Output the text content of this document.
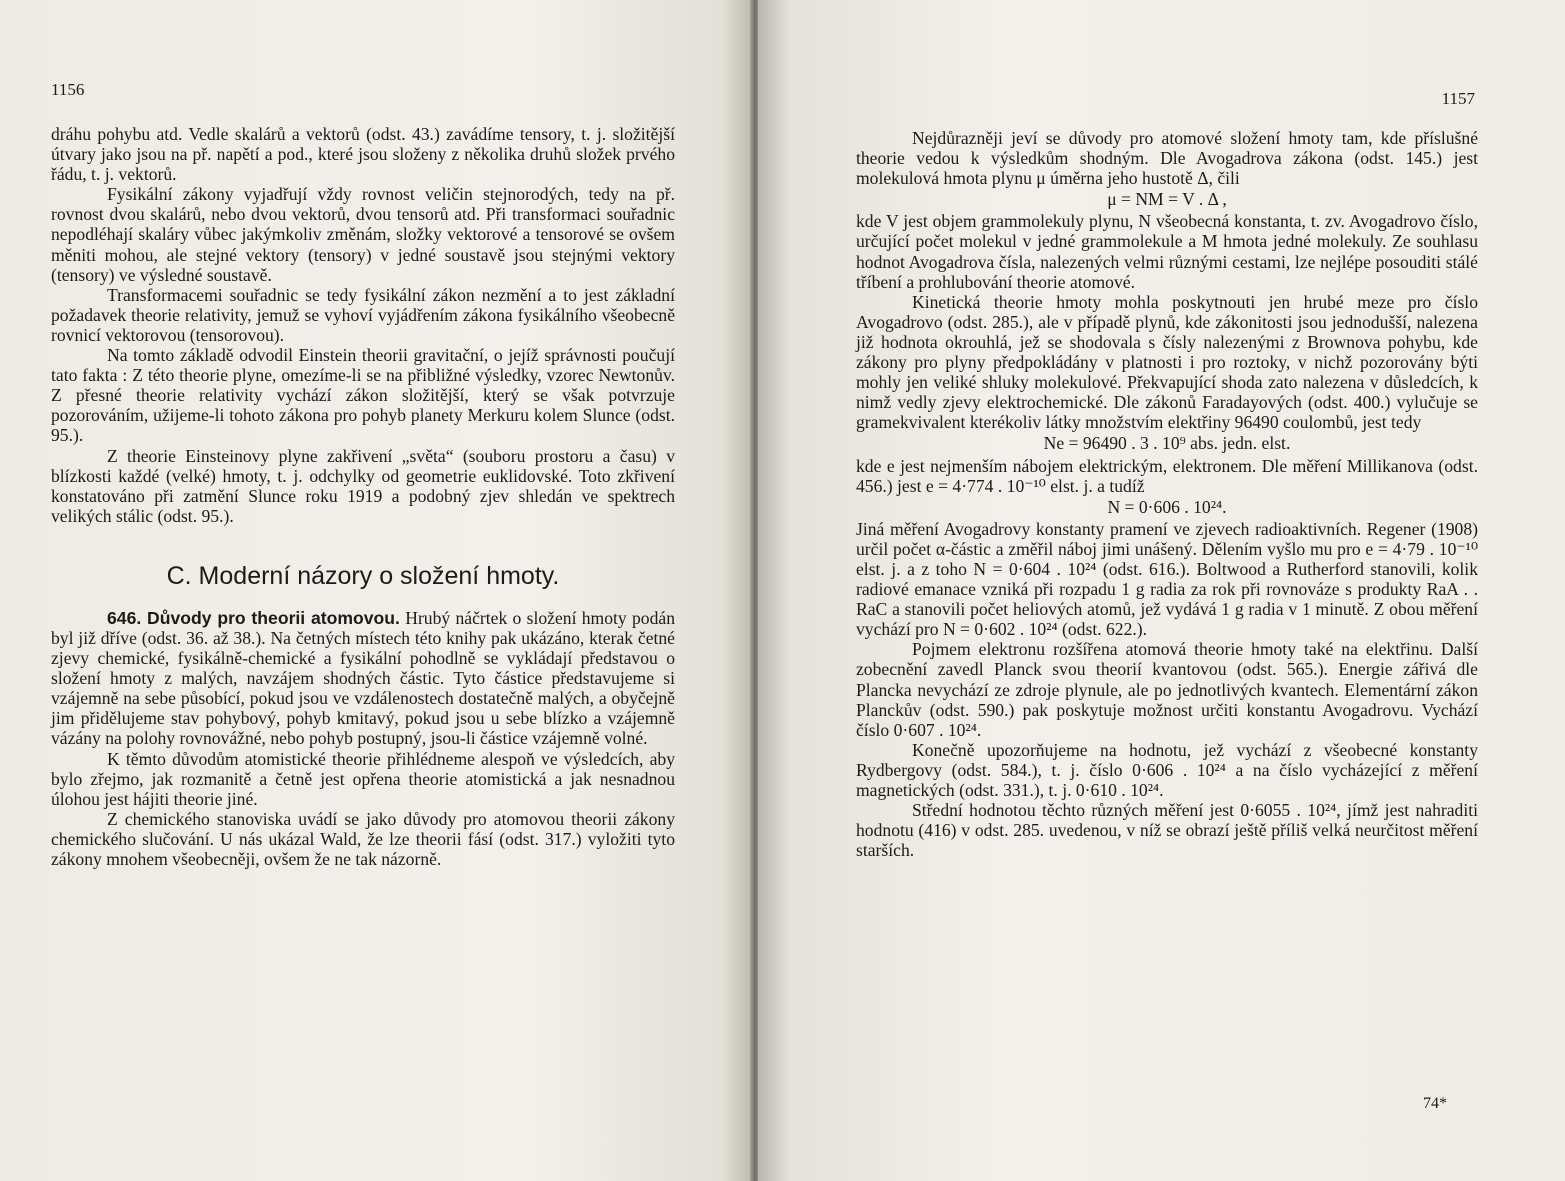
1156

dráhu pohybu atd. Vedle skalárů a vektorů (odst. 43.) zavádíme tensory, t. j. složitější útvary jako jsou na př. napětí a pod., které jsou složeny z několika druhů složek prvého řádu, t. j. vektorů.

Fysikální zákony vyjadřují vždy rovnost veličin stejnorodých, tedy na př. rovnost dvou skalárů, nebo dvou vektorů, dvou tensorů atd. Při transformaci souřadnic nepodléhají skaláry vůbec jakýmkoliv změnám, složky vektorové a tensorové se ovšem měniti mohou, ale stejné vektory (tensory) v jedné soustavě jsou stejnými vektory (tensory) ve výsledné soustavě.

Transformacemi souřadnic se tedy fysikální zákon nezmění a to jest základní požadavek theorie relativity, jemuž se vyhoví vyjádřením zákona fysikálního všeobecně rovnicí vektorovou (tensorovou).

Na tomto základě odvodil Einstein theorii gravitační, o jejíž správnosti poučují tato fakta : Z této theorie plyne, omezíme-li se na přibližné výsledky, vzorec Newtonův. Z přesné theorie relativity vychází zákon složitější, který se však potvrzuje pozorováním, užijeme-li tohoto zákona pro pohyb planety Merkuru kolem Slunce (odst. 95.).

Z theorie Einsteinovy plyne zakřivení „světa“ (souboru prostoru a času) v blízkosti každé (velké) hmoty, t. j. odchylky od geometrie euklidovské. Toto zkřivení konstatováno při zatmění Slunce roku 1919 a podobný zjev shledán ve spektrech velikých stálic (odst. 95.).

C. Moderní názory o složení hmoty.

646. Důvody pro theorii atomovou. Hrubý náčrtek o složení hmoty podán byl již dříve (odst. 36. až 38.). Na četných místech této knihy pak ukázáno, kterak četné zjevy chemické, fysikálně-chemické a fysikální pohodlně se vykládají představou o složení hmoty z malých, navzájem shodných částic. Tyto částice představujeme si vzájemně na sebe působící, pokud jsou ve vzdálenostech dostatečně malých, a obyčejně jim přidělujeme stav pohybový, pohyb kmitavý, pokud jsou u sebe blízko a vzájemně vázány na polohy rovnovážné, nebo pohyb postupný, jsou-li částice vzájemně volné.

K těmto důvodům atomistické theorie přihlédneme alespoň ve výsledcích, aby bylo zřejmo, jak rozmanitě a četně jest opřena theorie atomistická a jak nesnadnou úlohou jest hájiti theorie jiné.

Z chemického stanoviska uvádí se jako důvody pro atomovou theorii zákony chemického slučování. U nás ukázal Wald, že lze theorii fásí (odst. 317.) vyložiti tyto zákony mnohem všeobecněji, ovšem že ne tak názorně.

1157

Nejdůrazněji jeví se důvody pro atomové složení hmoty tam, kde příslušné theorie vedou k výsledkům shodným. Dle Avogadrova zákona (odst. 145.) jest molekulová hmota plynu μ úměrna jeho hustotě Δ, čili

μ = NM = V . Δ ,

kde V jest objem grammolekuly plynu, N všeobecná konstanta, t. zv. Avogadrovo číslo, určující počet molekul v jedné grammolekule a M hmota jedné molekuly. Ze souhlasu hodnot Avogadrova čísla, nalezených velmi různými cestami, lze nejlépe posouditi stálé tříbení a prohlubování theorie atomové.

Kinetická theorie hmoty mohla poskytnouti jen hrubé meze pro číslo Avogadrovo (odst. 285.), ale v případě plynů, kde zákonitosti jsou jednodušší, nalezena již hodnota okrouhlá, jež se shodovala s čísly nalezenými z Brownova pohybu, kde zákony pro plyny předpokládány v platnosti i pro roztoky, v nichž pozorovány býti mohly jen veliké shluky molekulové. Překvapující shoda zato nalezena v důsledcích, k nimž vedly zjevy elektrochemické. Dle zákonů Faradayových (odst. 400.) vylučuje se gramekvivalent kterékoliv látky množstvím elektřiny 96490 coulombů, jest tedy

Ne = 96490 . 3 . 10⁹ abs. jedn. elst.

kde e jest nejmenším nábojem elektrickým, elektronem. Dle měření Millikanova (odst. 456.) jest e = 4·774 . 10⁻¹⁰ elst. j. a tudíž

N = 0·606 . 10²⁴.

Jiná měření Avogadrovy konstanty pramení ve zjevech radioaktivních. Regener (1908) určil počet α-částic a změřil náboj jimi unášený. Dělením vyšlo mu pro e = 4·79 . 10⁻¹⁰ elst. j. a z toho N = 0·604 . 10²⁴ (odst. 616.). Boltwood a Rutherford stanovili, kolik radiové emanace vzniká při rozpadu 1 g radia za rok při rovnováze s produkty RaA . . RaC a stanovili počet heliových atomů, jež vydává 1 g radia v 1 minutě. Z obou měření vychází pro N = 0·602 . 10²⁴ (odst. 622.).

Pojmem elektronu rozšířena atomová theorie hmoty také na elektřinu. Další zobecnění zavedl Planck svou theorií kvantovou (odst. 565.). Energie zářivá dle Plancka nevychází ze zdroje plynule, ale po jednotlivých kvantech. Elementární zákon Planckův (odst. 590.) pak poskytuje možnost určiti konstantu Avogadrovu. Vychází číslo 0·607 . 10²⁴.

Konečně upozorňujeme na hodnotu, jež vychází z všeobecné konstanty Rydbergovy (odst. 584.), t. j. číslo 0·606 . 10²⁴ a na číslo vycházející z měření magnetických (odst. 331.), t. j. 0·610 . 10²⁴.

Střední hodnotou těchto různých měření jest 0·6055 . 10²⁴, jímž jest nahraditi hodnotu (416) v odst. 285. uvedenou, v níž se obrazí ještě příliš velká neurčitost měření starších.

74*
